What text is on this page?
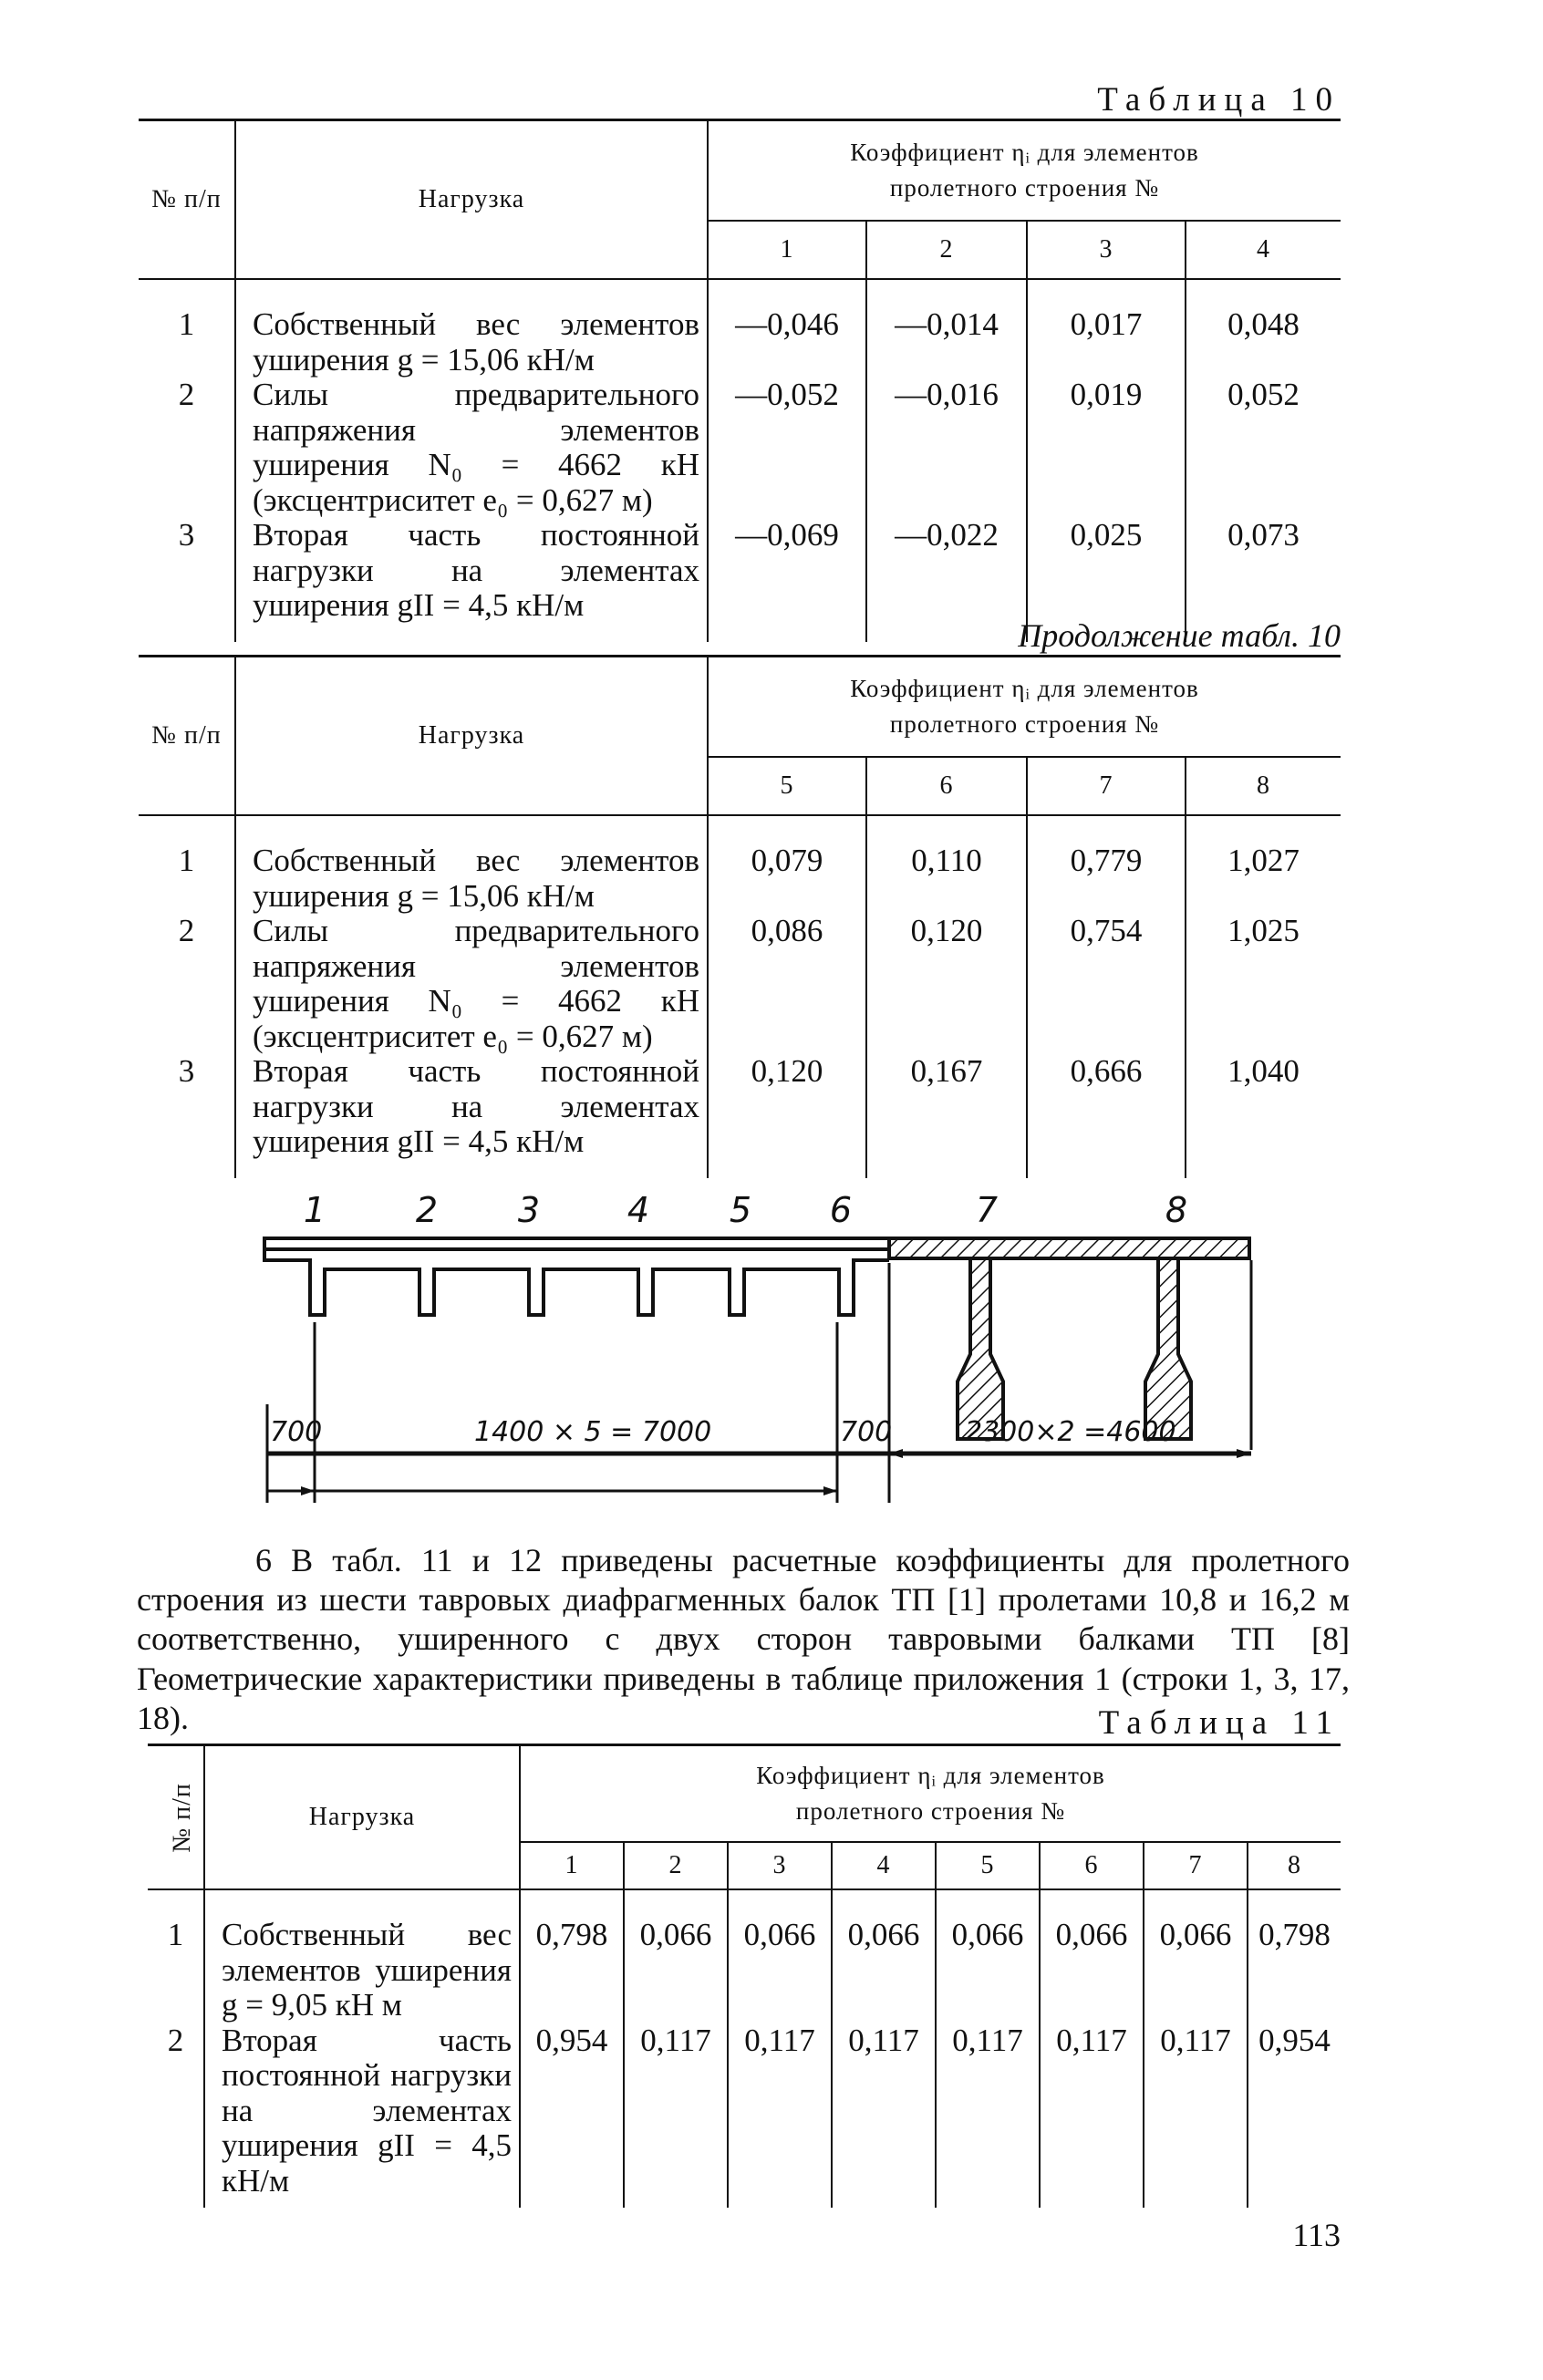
Таблица 10
№ п/п	Нагрузка	Коэффициент ηᵢ для элементов
пролетного строения №			

		1	2	3	4
1	Собственный вес элементов уширения g = 15,06 кН/м	—0,046	—0,014	0,017	0,048
2	Силы предварительного напряжения элементов уширения N₀ = 4662 кН (эксцентриситет e₀ = 0,627 м)	—0,052	—0,016	0,019	0,052
3	Вторая часть постоянной нагрузки на элементах уширения gII = 4,5 кН/м	—0,069	—0,022	0,025	0,073
Продолжение табл. 10
№ п/п	Нагрузка	Коэффициент ηᵢ для элементов
пролетного строения №			

		5	6	7	8
1	Собственный вес элементов уширения g = 15,06 кН/м	0,079	0,110	0,779	1,027
2	Силы предварительного напряжения элементов уширения N₀ = 4662 кН (эксцентриситет e₀ = 0,627 м)	0,086	0,120	0,754	1,025
3	Вторая часть постоянной нагрузки на элементах уширения gII = 4,5 кН/м	0,120	0,167	0,666	1,040
1	2 3	4 5 6	7	8
700	1400 × 5 = 7000	700	2300×2 =4600
6 В табл. 11 и 12 приведены расчетные коэффициенты для пролетного строения из шести тавровых диафрагменных балок ТП [1] пролетами 10,8 и 16,2 м соответственно, уширенного с двух сторон тавровыми балками ТП [8] Геометрические характеристики приведены в таблице приложения 1 (строки 1, 3, 17, 18).	Таблица 11
№ п/п	Нагрузка	Коэффициент ηᵢ для элементов
пролетного строения №							

		1	2	3	4	5	6	7	8
1	Собственный вес элементов уширения g = 9,05 кН м	0,798	0,066	0,066	0,066	0,066	0,066	0,066	0,798
2	Вторая часть постоянной нагрузки на элементах уширения gII = 4,5 кН/м	0,954	0,117	0,117	0,117	0,117	0,117	0,117	0,954
113
